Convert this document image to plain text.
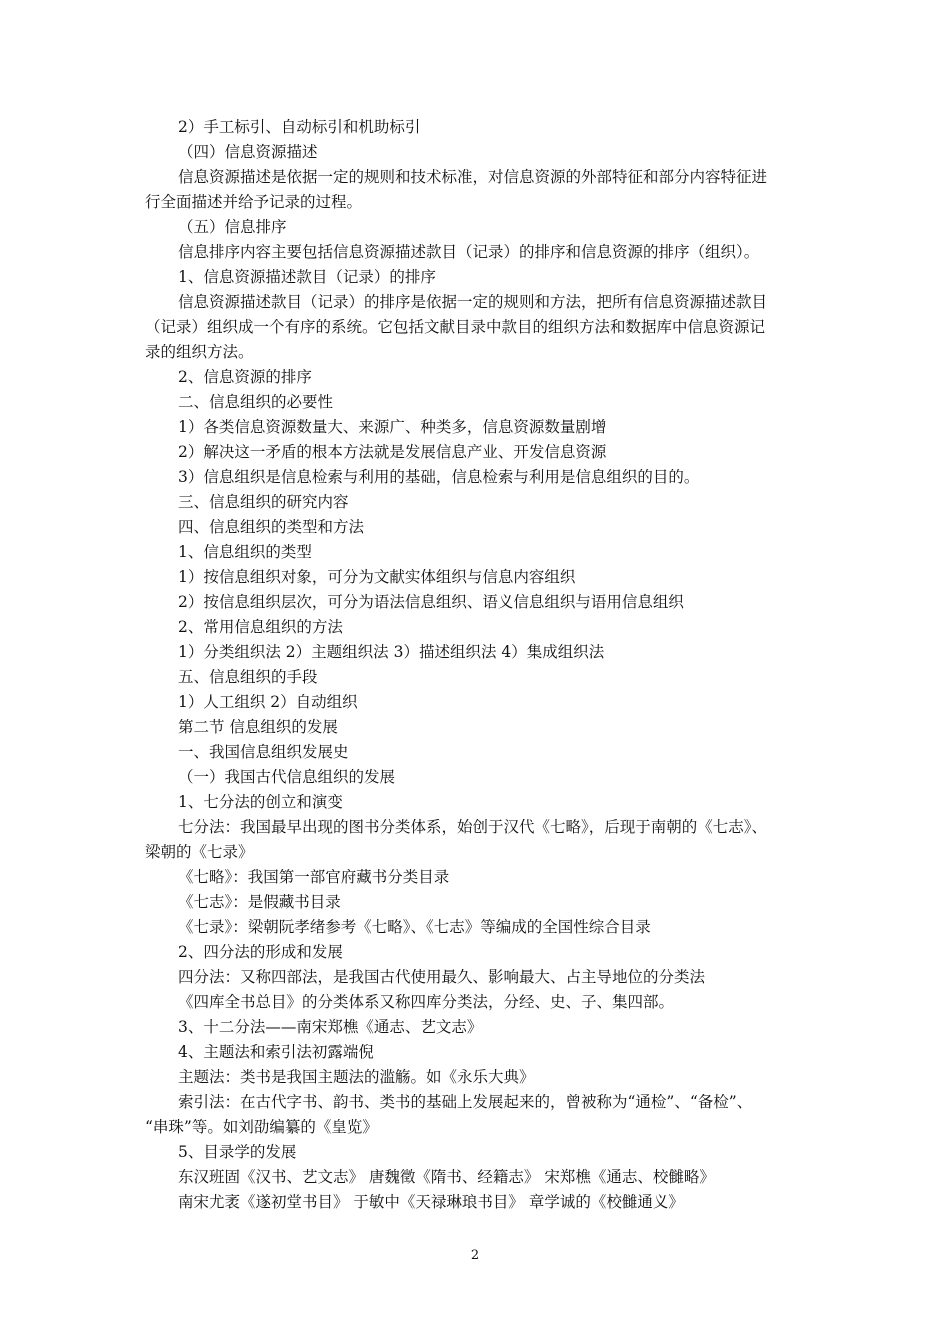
2）手工标引、自动标引和机助标引
（四）信息资源描述
信息资源描述是依据一定的规则和技术标准，对信息资源的外部特征和部分内容特征进
行全面描述并给予记录的过程。
（五）信息排序
信息排序内容主要包括信息资源描述款目（记录）的排序和信息资源的排序（组织）。
1、信息资源描述款目（记录）的排序
信息资源描述款目（记录）的排序是依据一定的规则和方法，把所有信息资源描述款目
（记录）组织成一个有序的系统。它包括文献目录中款目的组织方法和数据库中信息资源记
录的组织方法。
2、信息资源的排序
二、信息组织的必要性
1）各类信息资源数量大、来源广、种类多，信息资源数量剧增
2）解决这一矛盾的根本方法就是发展信息产业、开发信息资源
3）信息组织是信息检索与利用的基础，信息检索与利用是信息组织的目的。
三、信息组织的研究内容
四、信息组织的类型和方法
1、信息组织的类型
1）按信息组织对象，可分为文献实体组织与信息内容组织
2）按信息组织层次，可分为语法信息组织、语义信息组织与语用信息组织
2、常用信息组织的方法
1）分类组织法 2）主题组织法 3）描述组织法 4）集成组织法
五、信息组织的手段
1）人工组织 2）自动组织
第二节 信息组织的发展
一、我国信息组织发展史
（一）我国古代信息组织的发展
1、七分法的创立和演变
七分法：我国最早出现的图书分类体系，始创于汉代《七略》，后现于南朝的《七志》、
梁朝的《七录》
《七略》：我国第一部官府藏书分类目录
《七志》：是假藏书目录
《七录》：梁朝阮孝绪参考《七略》、《七志》等编成的全国性综合目录
2、四分法的形成和发展
四分法：又称四部法，是我国古代使用最久、影响最大、占主导地位的分类法
《四库全书总目》的分类体系又称四库分类法，分经、史、子、集四部。
3、十二分法——南宋郑樵《通志、艺文志》
4、主题法和索引法初露端倪
主题法：类书是我国主题法的滥觞。如《永乐大典》
索引法：在古代字书、韵书、类书的基础上发展起来的，曾被称为“通检”、“备检”、
“串珠”等。如刘劭编纂的《皇览》
5、目录学的发展
东汉班固《汉书、艺文志》 唐魏徵《隋书、经籍志》 宋郑樵《通志、校雠略》
南宋尤袤《遂初堂书目》 于敏中《天禄琳琅书目》 章学诚的《校雠通义》
2
